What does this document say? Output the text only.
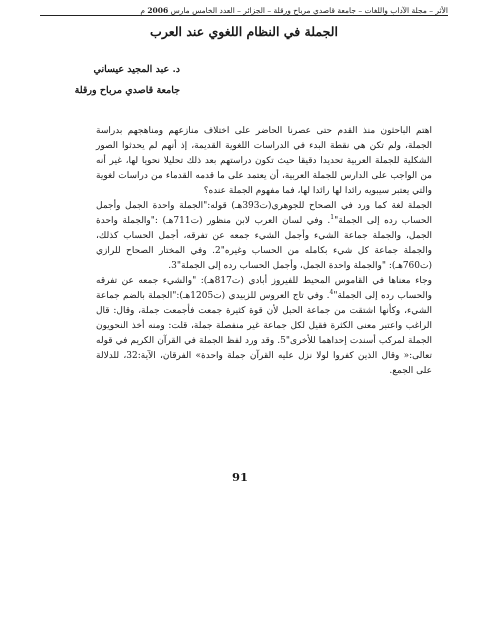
الأثر – مجلة الآداب واللغات – جامعة قاصدي مرباح ورقلة – الجزائر – العدد الخامس مارس 2006 م
الجملة في النظام اللغوي عند العرب
د. عبد المجيد عيساني
جامعة قاصدي مرباح ورقلة

اهتم الباحثون منذ القدم حتى عصرنا الحاضر على اختلاف منازعهم ومناهجهم بدراسة الجملة، ولم تكن هي نقطة البدء في الدراسات اللغوية القديمة، إذ أنهم لم يحدثوا الصور الشكلية للجملة العربية تحديدا دقيقا حيث تكون دراستهم بعد ذلك تحليلا نحويا لها، غير أنه من الواجب على الدارس للجملة العربية، أن يعتمد على ما قدمه القدماء من دراسات لغوية والتي يعتبر سيبويه رائدا لها رائدا لها، فما مفهوم الجملة عنده؟

الجملة لغة كما ورد في الصحاح للجوهري(ت393هـ) قوله:"الجملة واحدة الجمل وأجمل الحساب رده إلى الجملة"$^1$. وفي لسان العرب لابن منظور (ت711هـ) :"والجملة واحدة الجمل، والجملة جماعة الشيء وأجمل الشيء جمعه عن تفرقه، أجمل الحساب كذلك، والجملة جماعة كل شيء بكامله من الحساب وغيره"2. وفي المختار الصحاح للرازي (ت760هـ): "والجملة واحدة الجمل، وأجمل الحساب رده إلى الجملة"3.

وجاء معناها في القاموس المحيط للفيروز أبادي (ت817هـ): "والشيء جمعه عن تفرقه والحساب رده إلى الجملة"$^4$. وفي تاج العروس للزبيدي (ت1205هـ):"الجملة بالضم جماعة الشيء، وكأنها اشتقت من جماعة الحبل لأن قوة كثيرة جمعت فأجمعت جملة، وقال: قال الراغب واعتبر معنى الكثرة فقيل لكل جماعة غير منفصلة جملة، قلت: ومنه أخذ النحويون الجملة لمركب أسندت إحداهما للأخرى"5. وقد ورد لفظ الجملة في القرآن الكريم في قوله تعالى:« وقال الذين كفروا لولا نزل عليه القرآن جملة واحدة» الفرقان، الآية:32، للدلالة على الجمع.

91
